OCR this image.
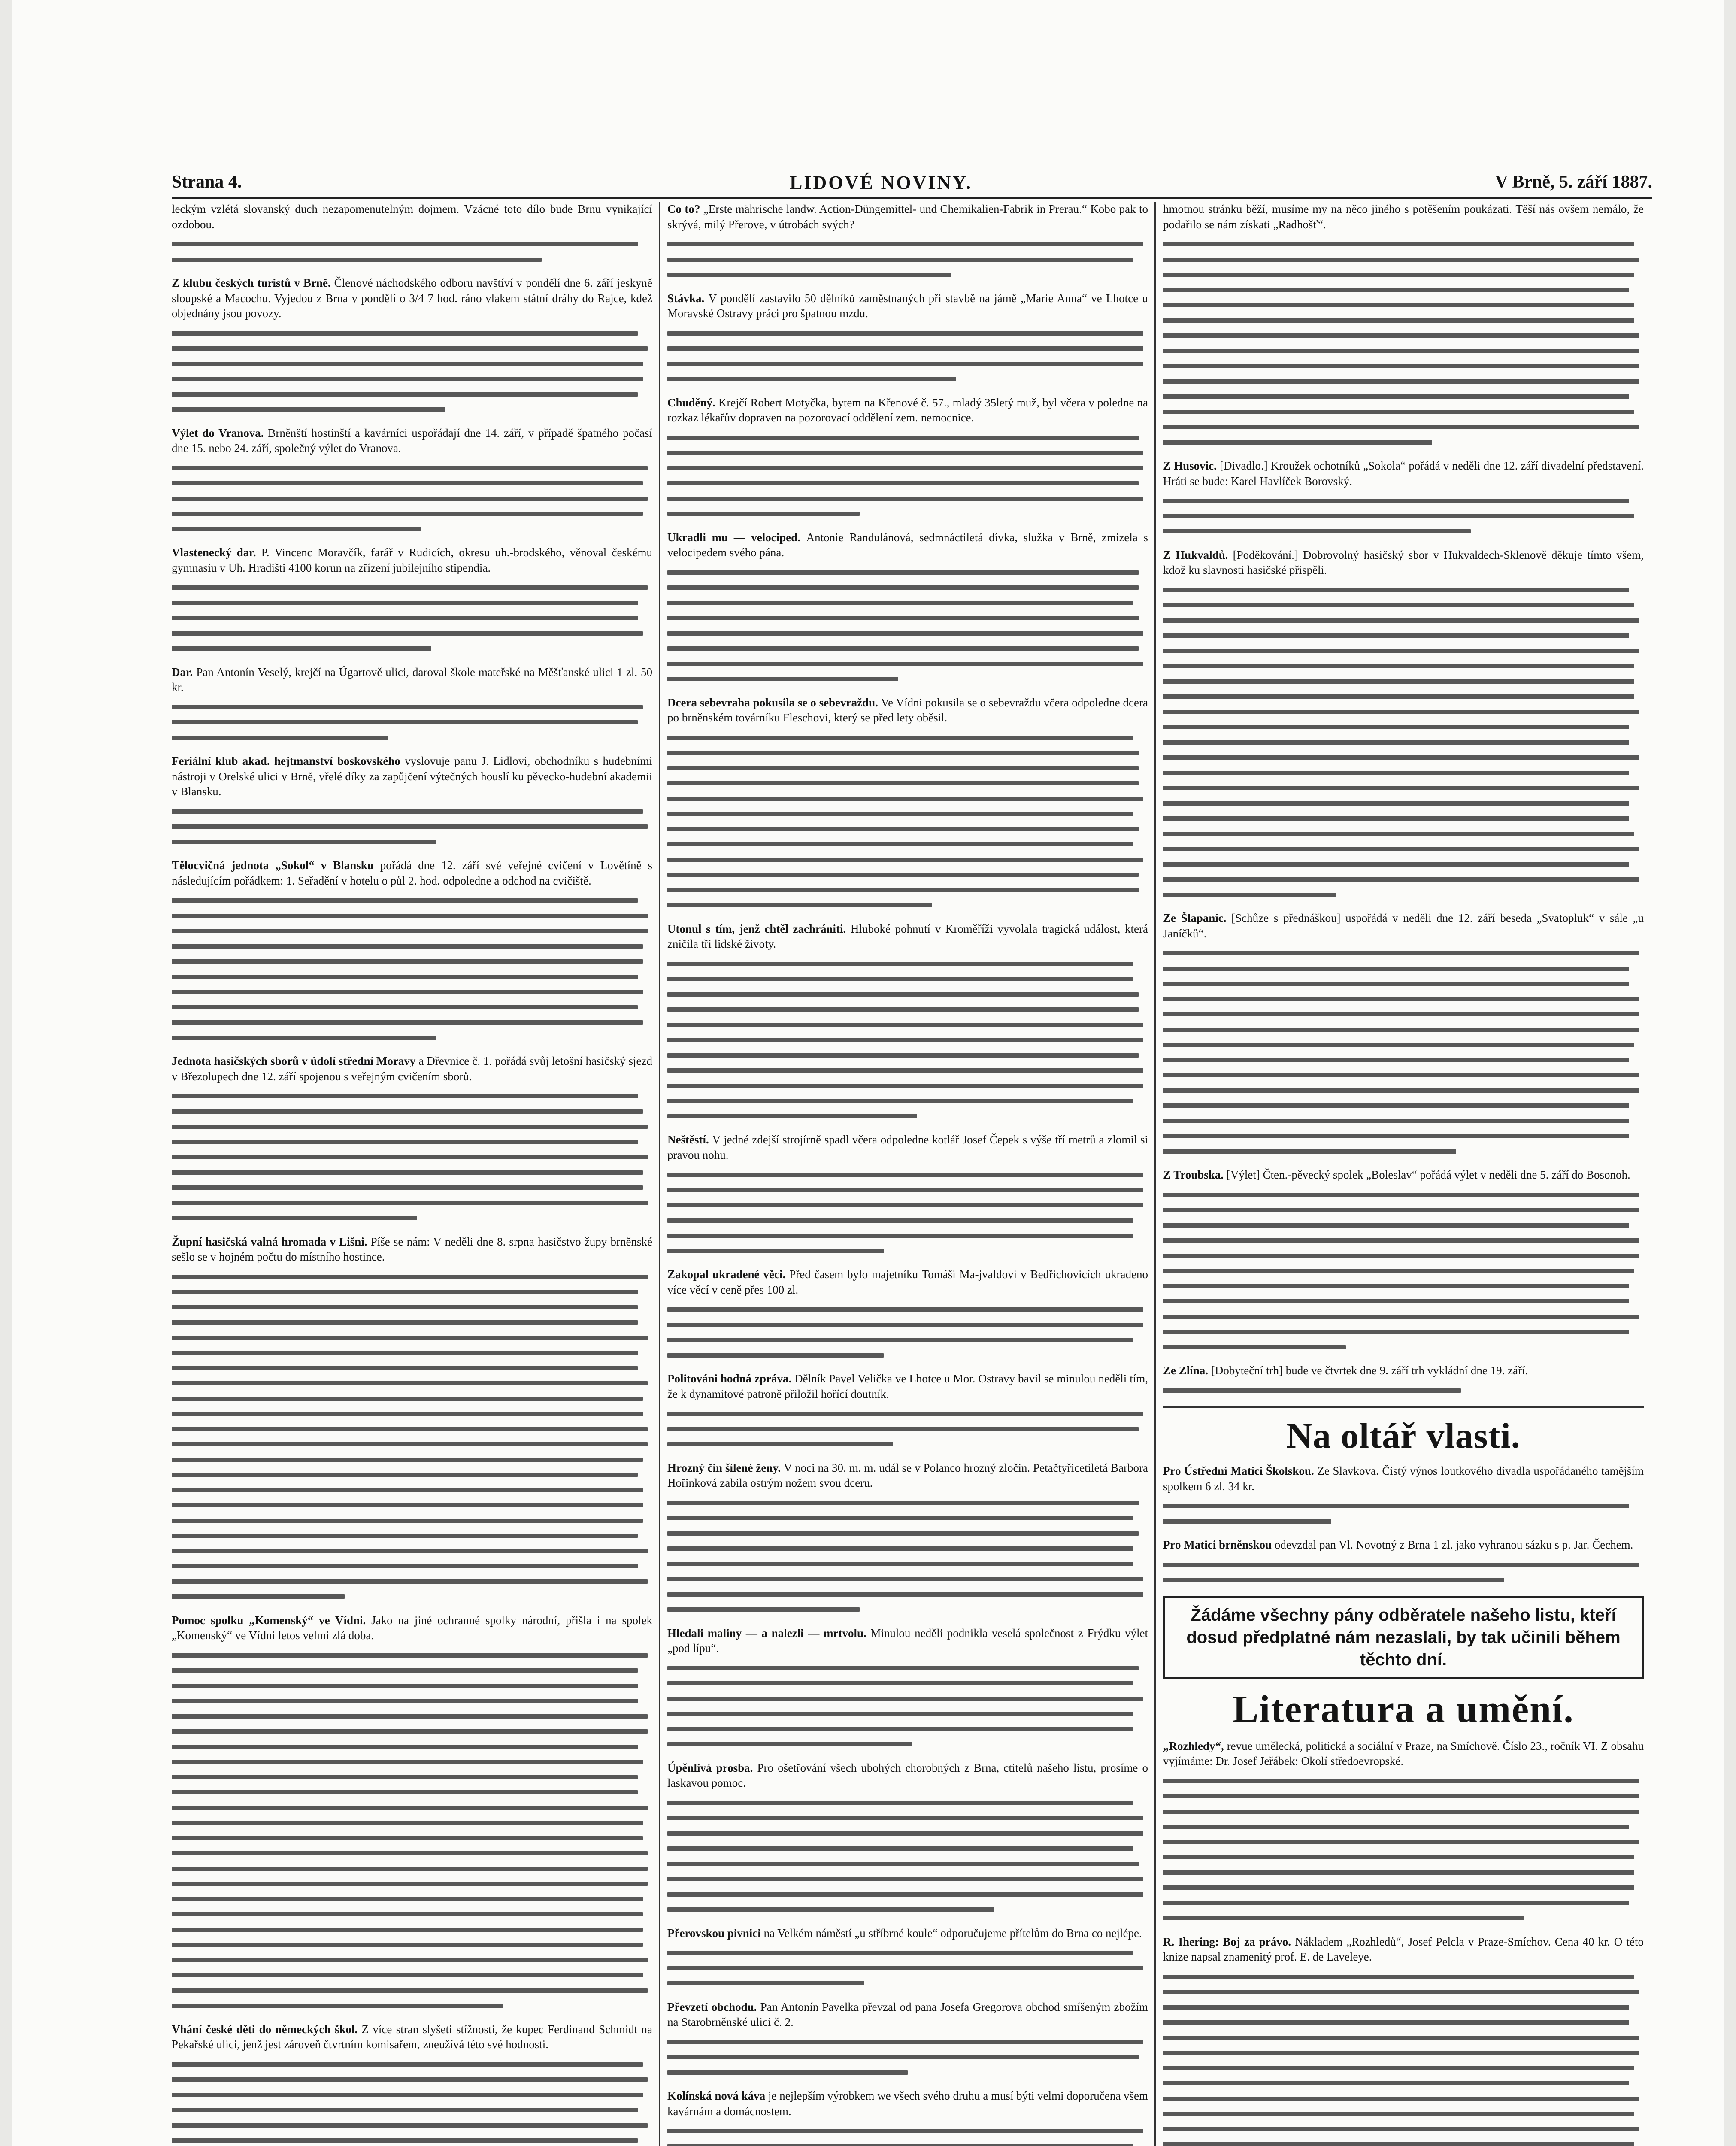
Strana 4.	LIDOVÉ NOVINY.	V Brně, 5. září 1887.
leckým vzlétá slovanský duch nezapomenutelným dojmem. Vzácné toto dílo bude Brnu vynikající ozdobou.
Z klubu českých turistů v Brně. Členové náchodského odboru navštíví v pondělí dne 6. září jeskyně sloupské a Macochu. Vyjedou z Brna v pondělí o 3/4 7 hod. ráno vlakem státní dráhy do Rajce, kdež objednány jsou povozy.
Výlet do Vranova. Brněnští hostinští a kavárníci uspořádají dne 14. září, v případě špatného počasí dne 15. nebo 24. září, společný výlet do Vranova.
Vlastenecký dar. P. Vincenc Moravčík, farář v Rudicích, okresu uh.-brodského, věnoval českému gymnasiu v Uh. Hradišti 4100 korun na zřízení jubilejního stipendia.
Dar. Pan Antonín Veselý, krejčí na Úgartově ulici, daroval škole mateřské na Měšťanské ulici 1 zl. 50 kr.
Feriální klub akad. hejtmanství boskovského vyslovuje panu J. Lidlovi, obchodníku s hudebními nástroji v Orelské ulici v Brně, vřelé díky za zapůjčení výtečných houslí ku pěvecko-hudební akademii v Blansku.
Tělocvičná jednota „Sokol“ v Blansku pořádá dne 12. září své veřejné cvičení v Lovětíně s následujícím pořádkem: 1. Seřadění v hotelu o půl 2. hod. odpoledne a odchod na cvičiště.
Jednota hasičských sborů v údolí střední Moravy a Dřevnice č. 1. pořádá svůj letošní hasičský sjezd v Březolupech dne 12. září spojenou s veřejným cvičením sborů.
Župní hasičská valná hromada v Lišni. Píše se nám: V neděli dne 8. srpna hasičstvo župy brněnské sešlo se v hojném počtu do místního hostince.
Pomoc spolku „Komenský“ ve Vídni. Jako na jiné ochranné spolky národní, přišla i na spolek „Komenský“ ve Vídni letos velmi zlá doba.
Vhání české děti do německých škol. Z více stran slyšeti stížnosti, že kupec Ferdinand Schmidt na Pekařské ulici, jenž jest zároveň čtvrtním komisařem, zneužívá této své hodnosti.
Co to? „Erste mährische landw. Action-Düngemittel- und Chemikalien-Fabrik in Prerau.“ Kobo pak to skrývá, milý Přerove, v útrobách svých?
Stávka. V pondělí zastavilo 50 dělníků zaměstnaných při stavbě na jámě „Marie Anna“ ve Lhotce u Moravské Ostravy práci pro špatnou mzdu.
Chuděný. Krejčí Robert Motyčka, bytem na Křenové č. 57., mladý 35letý muž, byl včera v poledne na rozkaz lékařův dopraven na pozorovací oddělení zem. nemocnice.
Ukradli mu — velociped. Antonie Randulánová, sedmnáctiletá dívka, služka v Brně, zmizela s velocipedem svého pána.
Dcera sebevraha pokusila se o sebevraždu. Ve Vídni pokusila se o sebevraždu včera odpoledne dcera po brněnském továrníku Fleschovi, který se před lety oběsil.
Utonul s tím, jenž chtěl zachrániti. Hluboké pohnutí v Kroměříži vyvolala tragická událost, která zničila tři lidské životy.
Neštěstí. V jedné zdejší strojírně spadl včera odpoledne kotlář Josef Čepek s výše tří metrů a zlomil si pravou nohu.
Zakopal ukradené věci. Před časem bylo majetníku Tomáši Ma-jvaldovi v Bedřichovicích ukradeno více věcí v ceně přes 100 zl.
Politováni hodná zpráva. Dělník Pavel Velička ve Lhotce u Mor. Ostravy bavil se minulou neděli tím, že k dynamitové patroně přiložil hořící doutník.
Hrozný čin šílené ženy. V noci na 30. m. m. udál se v Polanco hrozný zločin. Petačtyřicetiletá Barbora Hořinková zabila ostrým nožem svou dceru.
Hledali maliny — a nalezli — mrtvolu. Minulou neděli podnikla veselá společnost z Frýdku výlet „pod lípu“.
Úpěnlivá prosba. Pro ošetřování všech ubohých chorobných z Brna, ctitelů našeho listu, prosíme o laskavou pomoc.
Přerovskou pivnici na Velkém náměstí „u stříbrné koule“ odporučujeme přítelům do Brna co nejlépe.
Převzetí obchodu. Pan Antonín Pavelka převzal od pana Josefa Gregorova obchod smíšeným zbožím na Starobrněnské ulici č. 2.
Kolínská nová káva je nejlepším výrobkem we všech svého druhu a musí býti velmi doporučena všem kavárnám a domácnostem.
hmotnou stránku běží, musíme my na něco jiného s potěšením poukázati. Těší nás ovšem nemálo, že podařilo se nám získati „Radhošť“.
Z Husovic. [Divadlo.] Kroužek ochotníků „Sokola“ pořádá v neděli dne 12. září divadelní představení. Hráti se bude: Karel Havlíček Borovský.
Z Hukvaldů. [Poděkování.] Dobrovolný hasičský sbor v Hukvaldech-Sklenově děkuje tímto všem, kdož ku slavnosti hasičské přispěli.
Ze Šlapanic. [Schůze s přednáškou] uspořádá v neděli dne 12. září beseda „Svatopluk“ v sále „u Janíčků“.
Z Troubska. [Výlet] Čten.-pěvecký spolek „Boleslav“ pořádá výlet v neděli dne 5. září do Bosonoh.
Ze Zlína. [Dobyteční trh] bude ve čtvrtek dne 9. září trh vykládní dne 19. září.
Na oltář vlasti.
Pro Ústřední Matici Školskou. Ze Slavkova. Čistý výnos loutkového divadla uspořádaného tamějším spolkem 6 zl. 34 kr.
Pro Matici brněnskou odevzdal pan Vl. Novotný z Brna 1 zl. jako vyhranou sázku s p. Jar. Čechem.
Žádáme všechny pány odběratele našeho listu, kteří dosud předplatné nám nezaslali, by tak učinili během těchto dní.
Literatura a umění.
„Rozhledy“, revue umělecká, politická a sociální v Praze, na Smíchově. Číslo 23., ročník VI. Z obsahu vyjímáme: Dr. Josef Jeřábek: Okolí středoevropské.
R. Ihering: Boj za právo. Nákladem „Rozhledů“, Josef Pelcla v Praze-Smíchov. Cena 40 kr. O této knize napsal znamenitý prof. E. de Laveleye.
